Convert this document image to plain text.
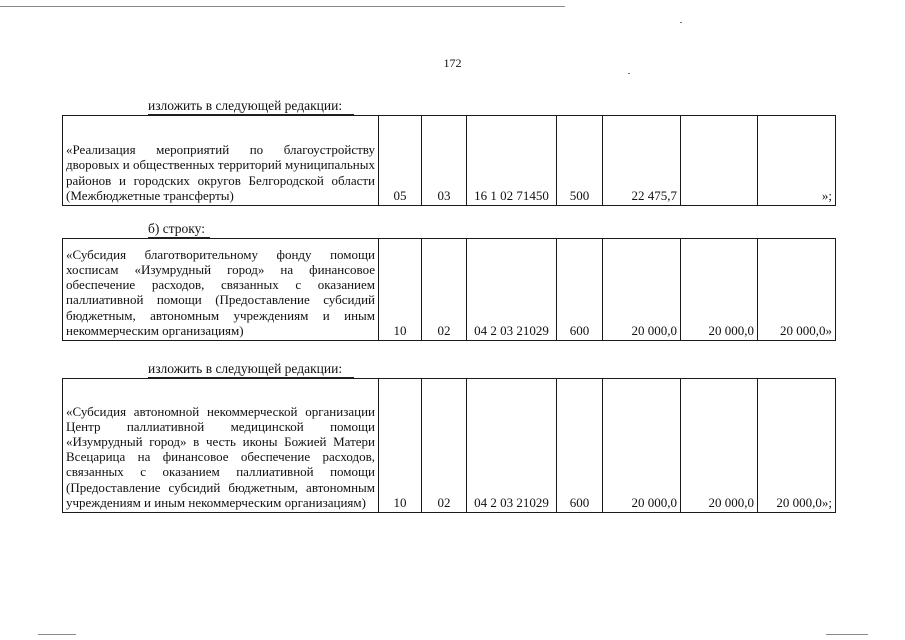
172
изложить в следующей редакции:
«Реализация мероприятий по благоустройству дворовых и общественных территорий муниципальных районов и городских округов Белгородской области (Межбюджетные трансферты)	05	03	16 1 02 71450	500	22 475,7		»;
б) строку:
«Субсидия благотворительному фонду помощи хосписам «Изумрудный город» на финансовое обеспечение расходов, связанных с оказанием паллиативной помощи (Предоставление субсидий бюджетным, автономным учреждениям и иным некоммерческим организациям)	10	02	04 2 03 21029	600	20 000,0	20 000,0	20 000,0»
изложить в следующей редакции:
«Субсидия автономной некоммерческой организации Центр паллиативной медицинской помощи «Изумрудный город» в честь иконы Божией Матери Всецарица на финансовое обеспечение расходов, связанных с оказанием паллиативной помощи (Предоставление субсидий бюджетным, автономным учреждениям и иным некоммерческим организациям)	10	02	04 2 03 21029	600	20 000,0	20 000,0	20 000,0»;
